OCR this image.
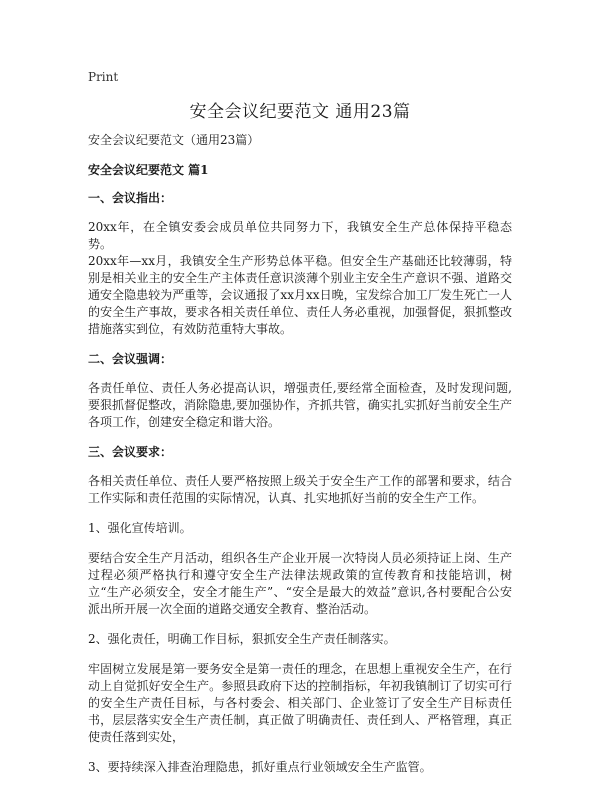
Print
安全会议纪要范文 通用23篇

安全会议纪要范文（通用23篇）

安全会议纪要范文 篇1

一、会议指出：

20xx年，在全镇安委会成员单位共同努力下，我镇安全生产总体保持平稳态势。

20xx年—xx月，我镇安全生产形势总体平稳。但安全生产基础还比较薄弱，特别是相关业主的安全生产主体责任意识淡薄个别业主安全生产意识不强、道路交通安全隐患较为严重等，会议通报了xx月xx日晚，宝发综合加工厂发生死亡一人的安全生产事故，要求各相关责任单位、责任人务必重视，加强督促，狠抓整改措施落实到位，有效防范重特大事故。

二、会议强调：

各责任单位、责任人务必提高认识，增强责任,要经常全面检查，及时发现问题,要狠抓督促整改，消除隐患,要加强协作，齐抓共管，确实扎实抓好当前安全生产各项工作，创建安全稳定和谐大浴。

三、会议要求：

各相关责任单位、责任人要严格按照上级关于安全生产工作的部署和要求，结合工作实际和责任范围的实际情况，认真、扎实地抓好当前的安全生产工作。

1、强化宣传培训。

要结合安全生产月活动，组织各生产企业开展一次特岗人员必须持证上岗、生产过程必须严格执行和遵守安全生产法律法规政策的宣传教育和技能培训，树立“生产必须安全，安全才能生产”、“安全是最大的效益”意识,各村要配合公安派出所开展一次全面的道路交通安全教育、整治活动。

2、强化责任，明确工作目标，狠抓安全生产责任制落实。

牢固树立发展是第一要务安全是第一责任的理念，在思想上重视安全生产，在行动上自觉抓好安全生产。参照县政府下达的控制指标，年初我镇制订了切实可行的安全生产责任目标，与各村委会、相关部门、企业签订了安全生产目标责任书，层层落实安全生产责任制，真正做了明确责任、责任到人、严格管理，真正使责任落到实处，

3、要持续深入排查治理隐患，抓好重点行业领域安全生产监管。
